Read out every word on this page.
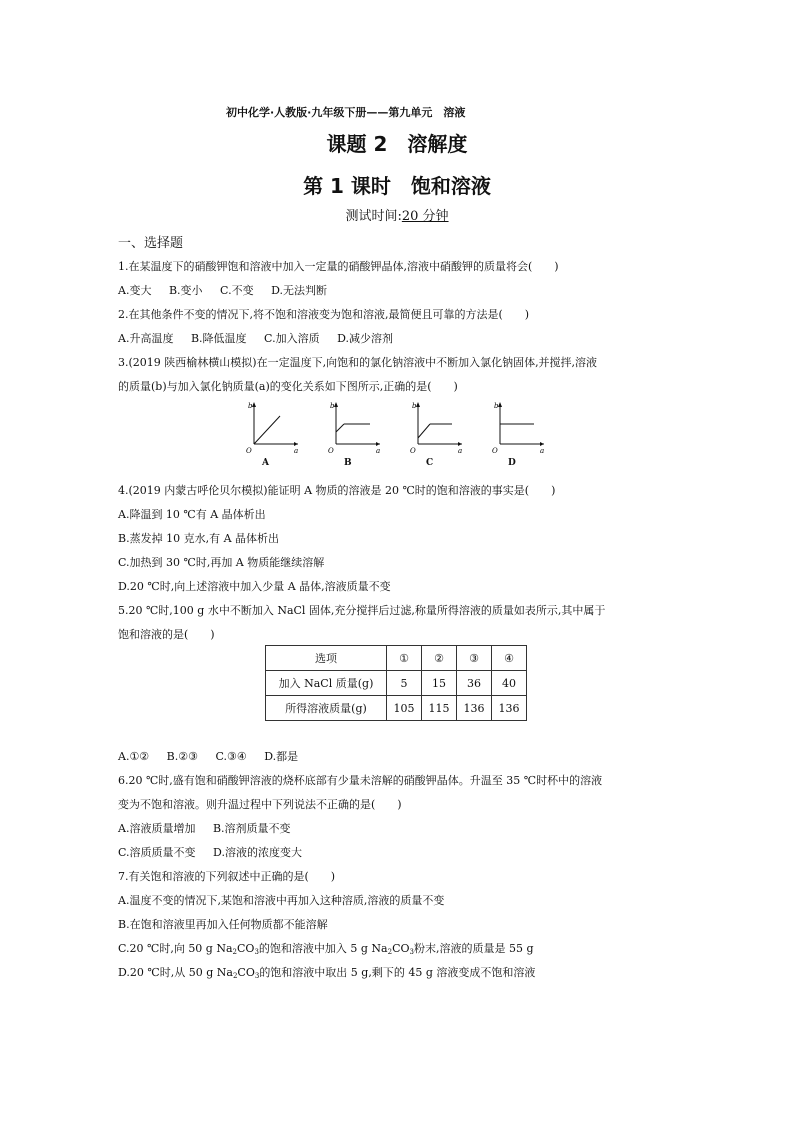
初中化学·人教版·九年级下册——第九单元　溶液
课题 2　溶解度
第 1 课时　饱和溶液
测试时间:20 分钟
一、选择题
1.在某温度下的硝酸钾饱和溶液中加入一定量的硝酸钾晶体,溶液中硝酸钾的质量将会(　　)
A.变大 B.变小 C.不变 D.无法判断
2.在其他条件不变的情况下,将不饱和溶液变为饱和溶液,最简便且可靠的方法是(　　)
A.升高温度 B.降低温度 C.加入溶质 D.减少溶剂
3.(2019 陕西榆林横山模拟)在一定温度下,向饱和的氯化钠溶液中不断加入氯化钠固体,并搅拌,溶液
的质量(b)与加入氯化钠质量(a)的变化关系如下图所示,正确的是(　　)
b
O	a
A
b
O	a
B
b
O	a
C
b
O	a
D
4.(2019 内蒙古呼伦贝尔模拟)能证明 A 物质的溶液是 20 ℃时的饱和溶液的事实是(　　)
A.降温到 10 ℃有 A 晶体析出
B.蒸发掉 10 克水,有 A 晶体析出
C.加热到 30 ℃时,再加 A 物质能继续溶解
D.20 ℃时,向上述溶液中加入少量 A 晶体,溶液质量不变
5.20 ℃时,100 g 水中不断加入 NaCl 固体,充分搅拌后过滤,称量所得溶液的质量如表所示,其中属于
饱和溶液的是(　　)
选项	①	②	③	④
加入 NaCl 质量(g)	5	15	36	40
所得溶液质量(g)	105	115	136	136
A.①② B.②③ C.③④ D.都是
6.20 ℃时,盛有饱和硝酸钾溶液的烧杯底部有少量未溶解的硝酸钾晶体。升温至 35 ℃时杯中的溶液
变为不饱和溶液。则升温过程中下列说法不正确的是(　　)
A.溶液质量增加 B.溶剂质量不变
C.溶质质量不变 D.溶液的浓度变大
7.有关饱和溶液的下列叙述中正确的是(　　)
A.温度不变的情况下,某饱和溶液中再加入这种溶质,溶液的质量不变
B.在饱和溶液里再加入任何物质都不能溶解
C.20 ℃时,向 50 g $Na_2CO_3$的饱和溶液中加入 5 g $Na_2CO_3$粉末,溶液的质量是 55 g
D.20 ℃时,从 50 g $Na_2CO_3$的饱和溶液中取出 5 g,剩下的 45 g 溶液变成不饱和溶液
